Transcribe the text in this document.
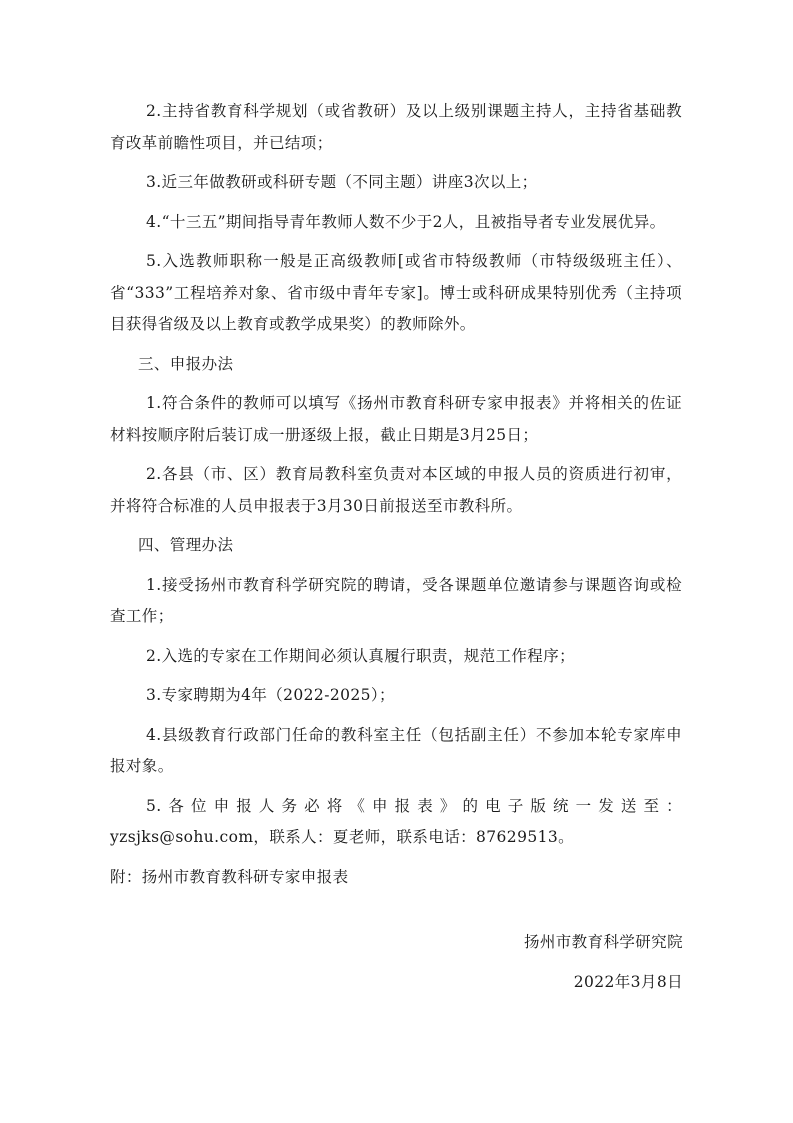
2.主持省教育科学规划（或省教研）及以上级别课题主持人，主持省基础教育改革前瞻性项目，并已结项；

3.近三年做教研或科研专题（不同主题）讲座3次以上；

4.“十三五”期间指导青年教师人数不少于2人，且被指导者专业发展优异。

5.入选教师职称一般是正高级教师[或省市特级教师（市特级级班主任）、省“333”工程培养对象、省市级中青年专家]。博士或科研成果特别优秀（主持项目获得省级及以上教育或教学成果奖）的教师除外。

三、申报办法

1.符合条件的教师可以填写《扬州市教育科研专家申报表》并将相关的佐证材料按顺序附后装订成一册逐级上报，截止日期是3月25日；

2.各县（市、区）教育局教科室负责对本区域的申报人员的资质进行初审，并将符合标准的人员申报表于3月30日前报送至市教科所。

四、管理办法

1.接受扬州市教育科学研究院的聘请，受各课题单位邀请参与课题咨询或检查工作；

2.入选的专家在工作期间必须认真履行职责，规范工作程序；

3.专家聘期为4年（2022-2025）；

4.县级教育行政部门任命的教科室主任（包括副主任）不参加本轮专家库申报对象。

5.各位申报人务必将《申报表》的电子版统一发送至：yzsjks@sohu.com，联系人：夏老师，联系电话：87629513。

附：扬州市教育教科研专家申报表

扬州市教育科学研究院
2022年3月8日
